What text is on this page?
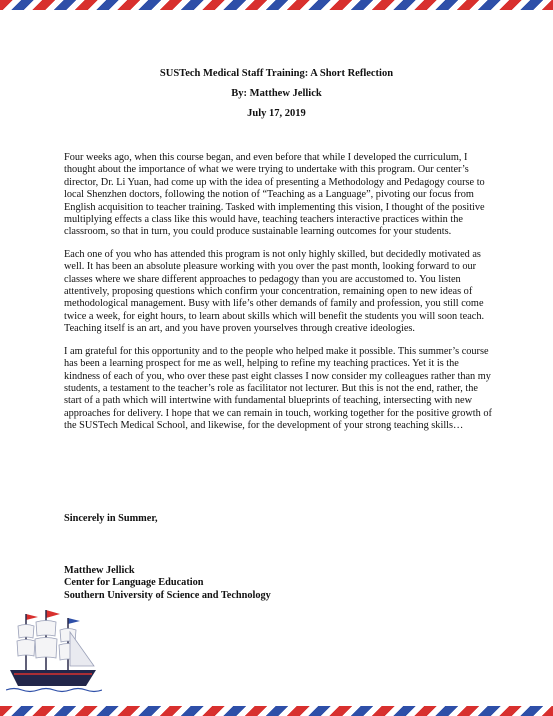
SUSTech Medical Staff Training: A Short Reflection
By: Matthew Jellick
July 17, 2019

Four weeks ago, when this course began, and even before that while I developed the curriculum, I thought about the importance of what we were trying to undertake with this program. Our center’s director, Dr. Li Yuan, had come up with the idea of presenting a Methodology and Pedagogy course to local Shenzhen doctors, following the notion of “Teaching as a Language”, pivoting our focus from English acquisition to teacher training. Tasked with implementing this vision, I thought of the positive multiplying effects a class like this would have, teaching teachers interactive practices within the classroom, so that in turn, you could produce sustainable learning outcomes for your students.

Each one of you who has attended this program is not only highly skilled, but decidedly motivated as well. It has been an absolute pleasure working with you over the past month, looking forward to our classes where we share different approaches to pedagogy than you are accustomed to. You listen attentively, proposing questions which confirm your concentration, remaining open to new ideas of methodological management. Busy with life’s other demands of family and profession, you still come twice a week, for eight hours, to learn about skills which will benefit the students you will soon teach. Teaching itself is an art, and you have proven yourselves through creative ideologies.

I am grateful for this opportunity and to the people who helped make it possible. This summer’s course has been a learning prospect for me as well, helping to refine my teaching practices. Yet it is the kindness of each of you, who over these past eight classes I now consider my colleagues rather than my students, a testament to the teacher’s role as facilitator not lecturer. But this is not the end, rather, the start of a path which will intertwine with fundamental blueprints of teaching, intersecting with new approaches for delivery. I hope that we can remain in touch, working together for the positive growth of the SUSTech Medical School, and likewise, for the development of your strong teaching skills…

Sincerely in Summer,
Matthew Jellick
Center for Language Education
Southern University of Science and Technology
